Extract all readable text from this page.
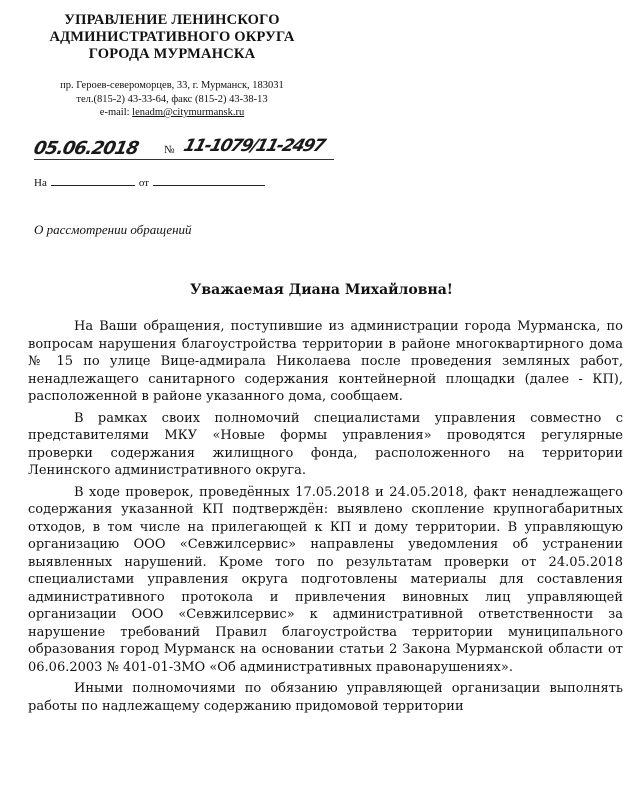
УПРАВЛЕНИЕ ЛЕНИНСКОГО
АДМИНИСТРАТИВНОГО ОКРУГА
ГОРОДА МУРМАНСКА
пр. Героев-североморцев, 33, г. Мурманск, 183031
тел.(815-2) 43-33-64, факс (815-2) 43-38-13
e-mail: lenadm@citymurmansk.ru
05.06.2018 № 11-1079/11-2497
На	от
О рассмотрении обращений
Уважаемая Диана Михайловна!

На Ваши обращения, поступившие из администрации города Мурманска, по вопросам нарушения благоустройства территории в районе многоквартирного дома № 15 по улице Вице-адмирала Николаева после проведения земляных работ, ненадлежащего санитарного содержания контейнерной площадки (далее - КП), расположенной в районе указанного дома, сообщаем.

В рамках своих полномочий специалистами управления совместно с представителями МКУ «Новые формы управления» проводятся регулярные проверки содержания жилищного фонда, расположенного на территории Ленинского административного округа.

В ходе проверок, проведённых 17.05.2018 и 24.05.2018, факт ненадлежащего содержания указанной КП подтверждён: выявлено скопление крупногабаритных отходов, в том числе на прилегающей к КП и дому территории. В управляющую организацию ООО «Севжилсервис» направлены уведомления об устранении выявленных нарушений. Кроме того по результатам проверки от 24.05.2018 специалистами управления округа подготовлены материалы для составления административного протокола и привлечения виновных лиц управляющей организации ООО «Севжилсервис» к административной ответственности за нарушение требований Правил благоустройства территории муниципального образования город Мурманск на основании статьи 2 Закона Мурманской области от 06.06.2003 № 401-01-ЗМО «Об административных правонарушениях».

Иными полномочиями по обязанию управляющей организации выполнять работы по надлежащему содержанию придомовой территории
